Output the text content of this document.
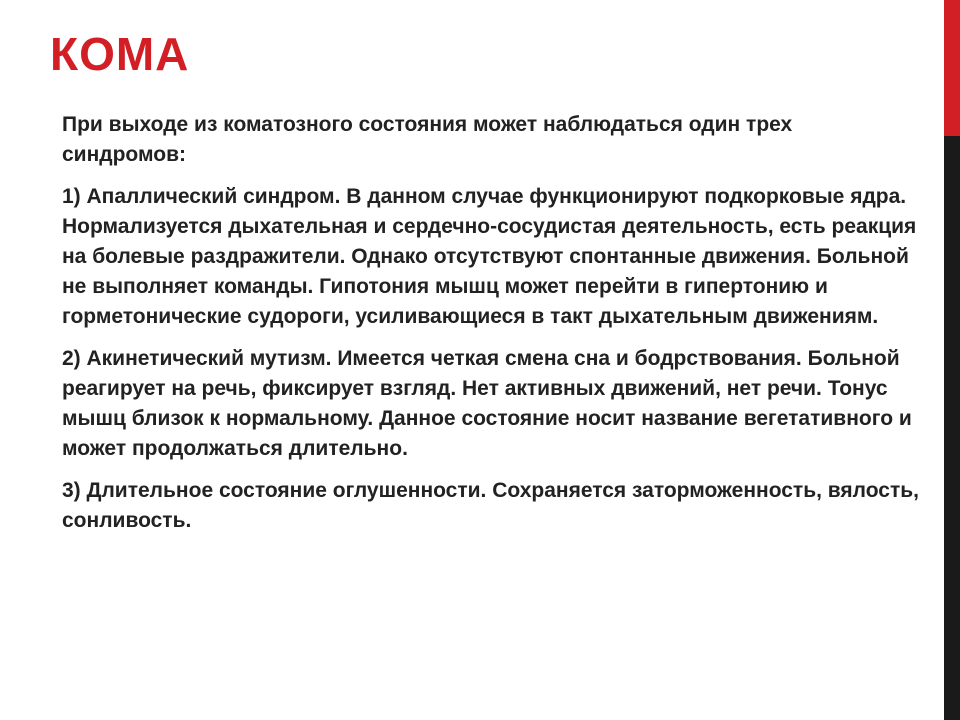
КОМА

При выходе из коматозного состояния может наблюдаться один трех синдромов:

1) Апаллический синдром. В данном случае функционируют подкорковые ядра. Нормализуется дыхательная и сердечно-сосудистая деятельность, есть реакция на болевые раздражители. Однако отсутствуют спонтанные движения. Больной не выполняет команды. Гипотония мышц может перейти в гипертонию и горметонические судороги, усиливающиеся в такт дыхательным движениям.

2) Акинетический мутизм. Имеется четкая смена сна и бодрствования. Больной реагирует на речь, фиксирует взгляд. Нет активных движений, нет речи. Тонус мышц близок к нормальному. Данное состояние носит название вегетативного и может продолжаться длительно.

3) Длительное состояние оглушенности. Сохраняется заторможенность, вялость, сонливость.
